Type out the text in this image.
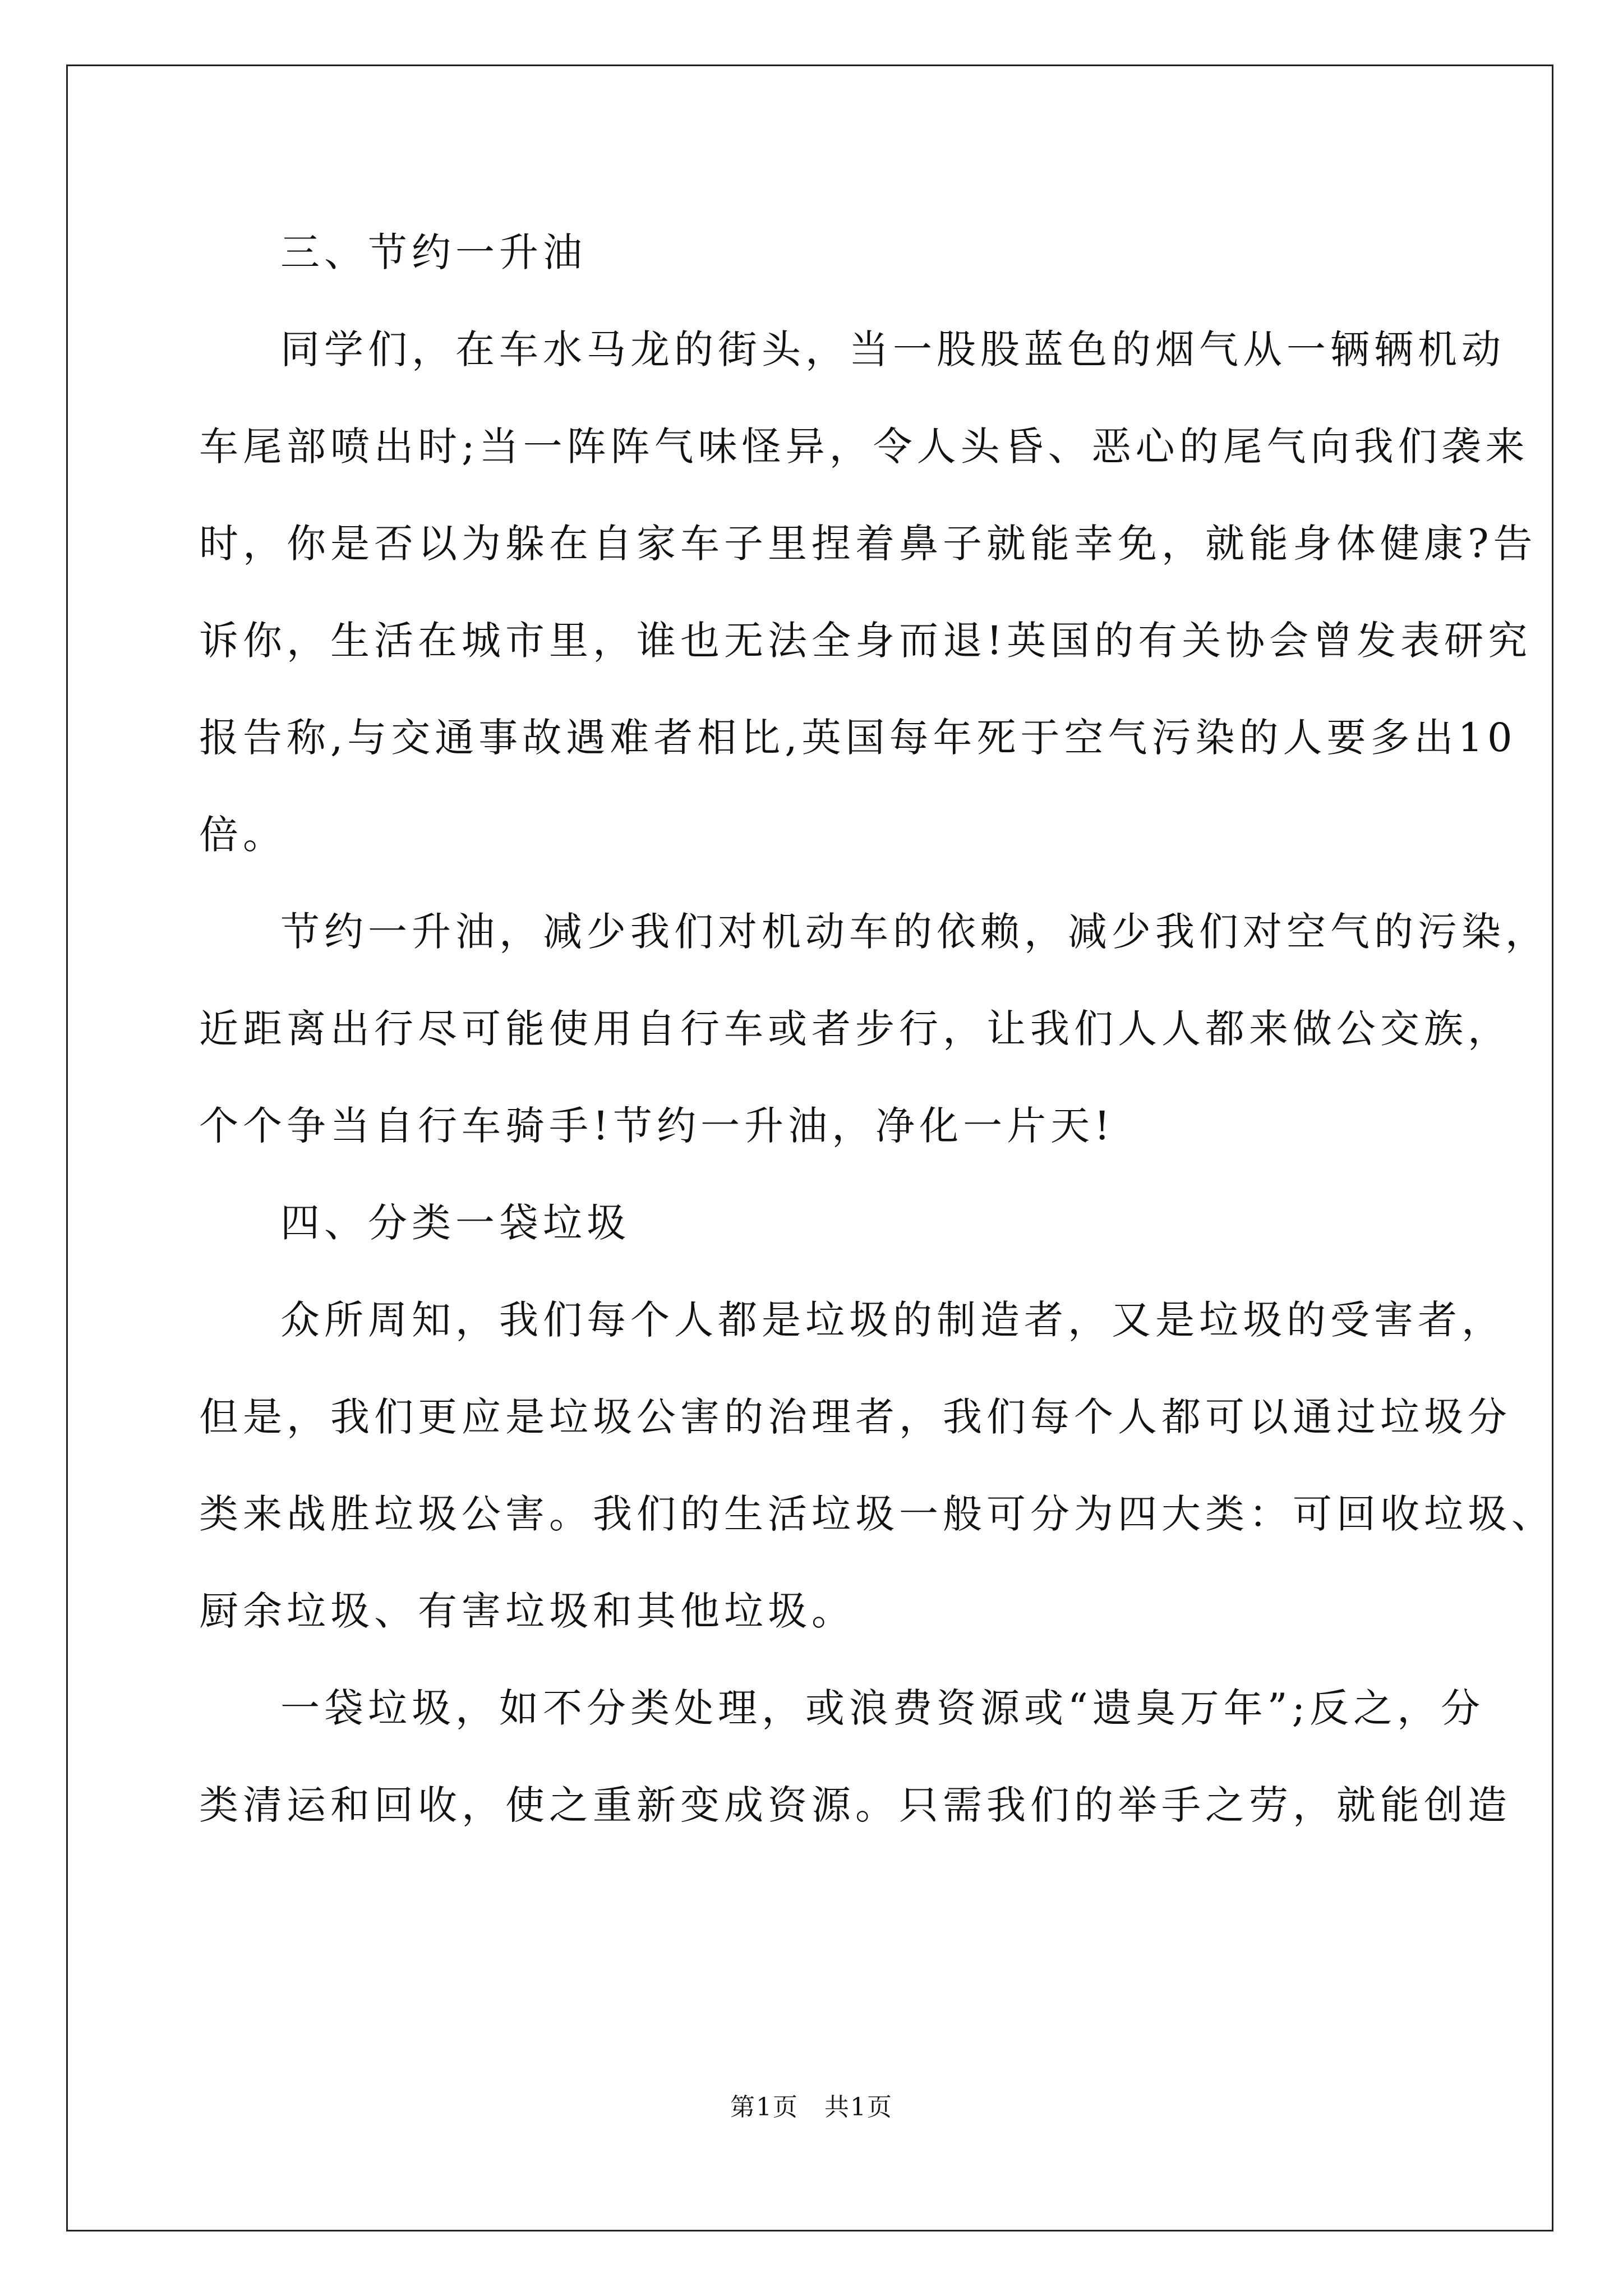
三、节约一升油
同学们，在车水马龙的街头，当一股股蓝色的烟气从一辆辆机动
车尾部喷出时;当一阵阵气味怪异，令人头昏、恶心的尾气向我们袭来
时，你是否以为躲在自家车子里捏着鼻子就能幸免，就能身体健康?告
诉你，生活在城市里，谁也无法全身而退!英国的有关协会曾发表研究
报告称,与交通事故遇难者相比,英国每年死于空气污染的人要多出10
倍。
节约一升油，减少我们对机动车的依赖，减少我们对空气的污染，
近距离出行尽可能使用自行车或者步行，让我们人人都来做公交族，
个个争当自行车骑手!节约一升油，净化一片天!
四、分类一袋垃圾
众所周知，我们每个人都是垃圾的制造者，又是垃圾的受害者，
但是，我们更应是垃圾公害的治理者，我们每个人都可以通过垃圾分
类来战胜垃圾公害。我们的生活垃圾一般可分为四大类：可回收垃圾、
厨余垃圾、有害垃圾和其他垃圾。
一袋垃圾，如不分类处理，或浪费资源或“遗臭万年”;反之，分
类清运和回收，使之重新变成资源。只需我们的举手之劳，就能创造
第1页　共1页
